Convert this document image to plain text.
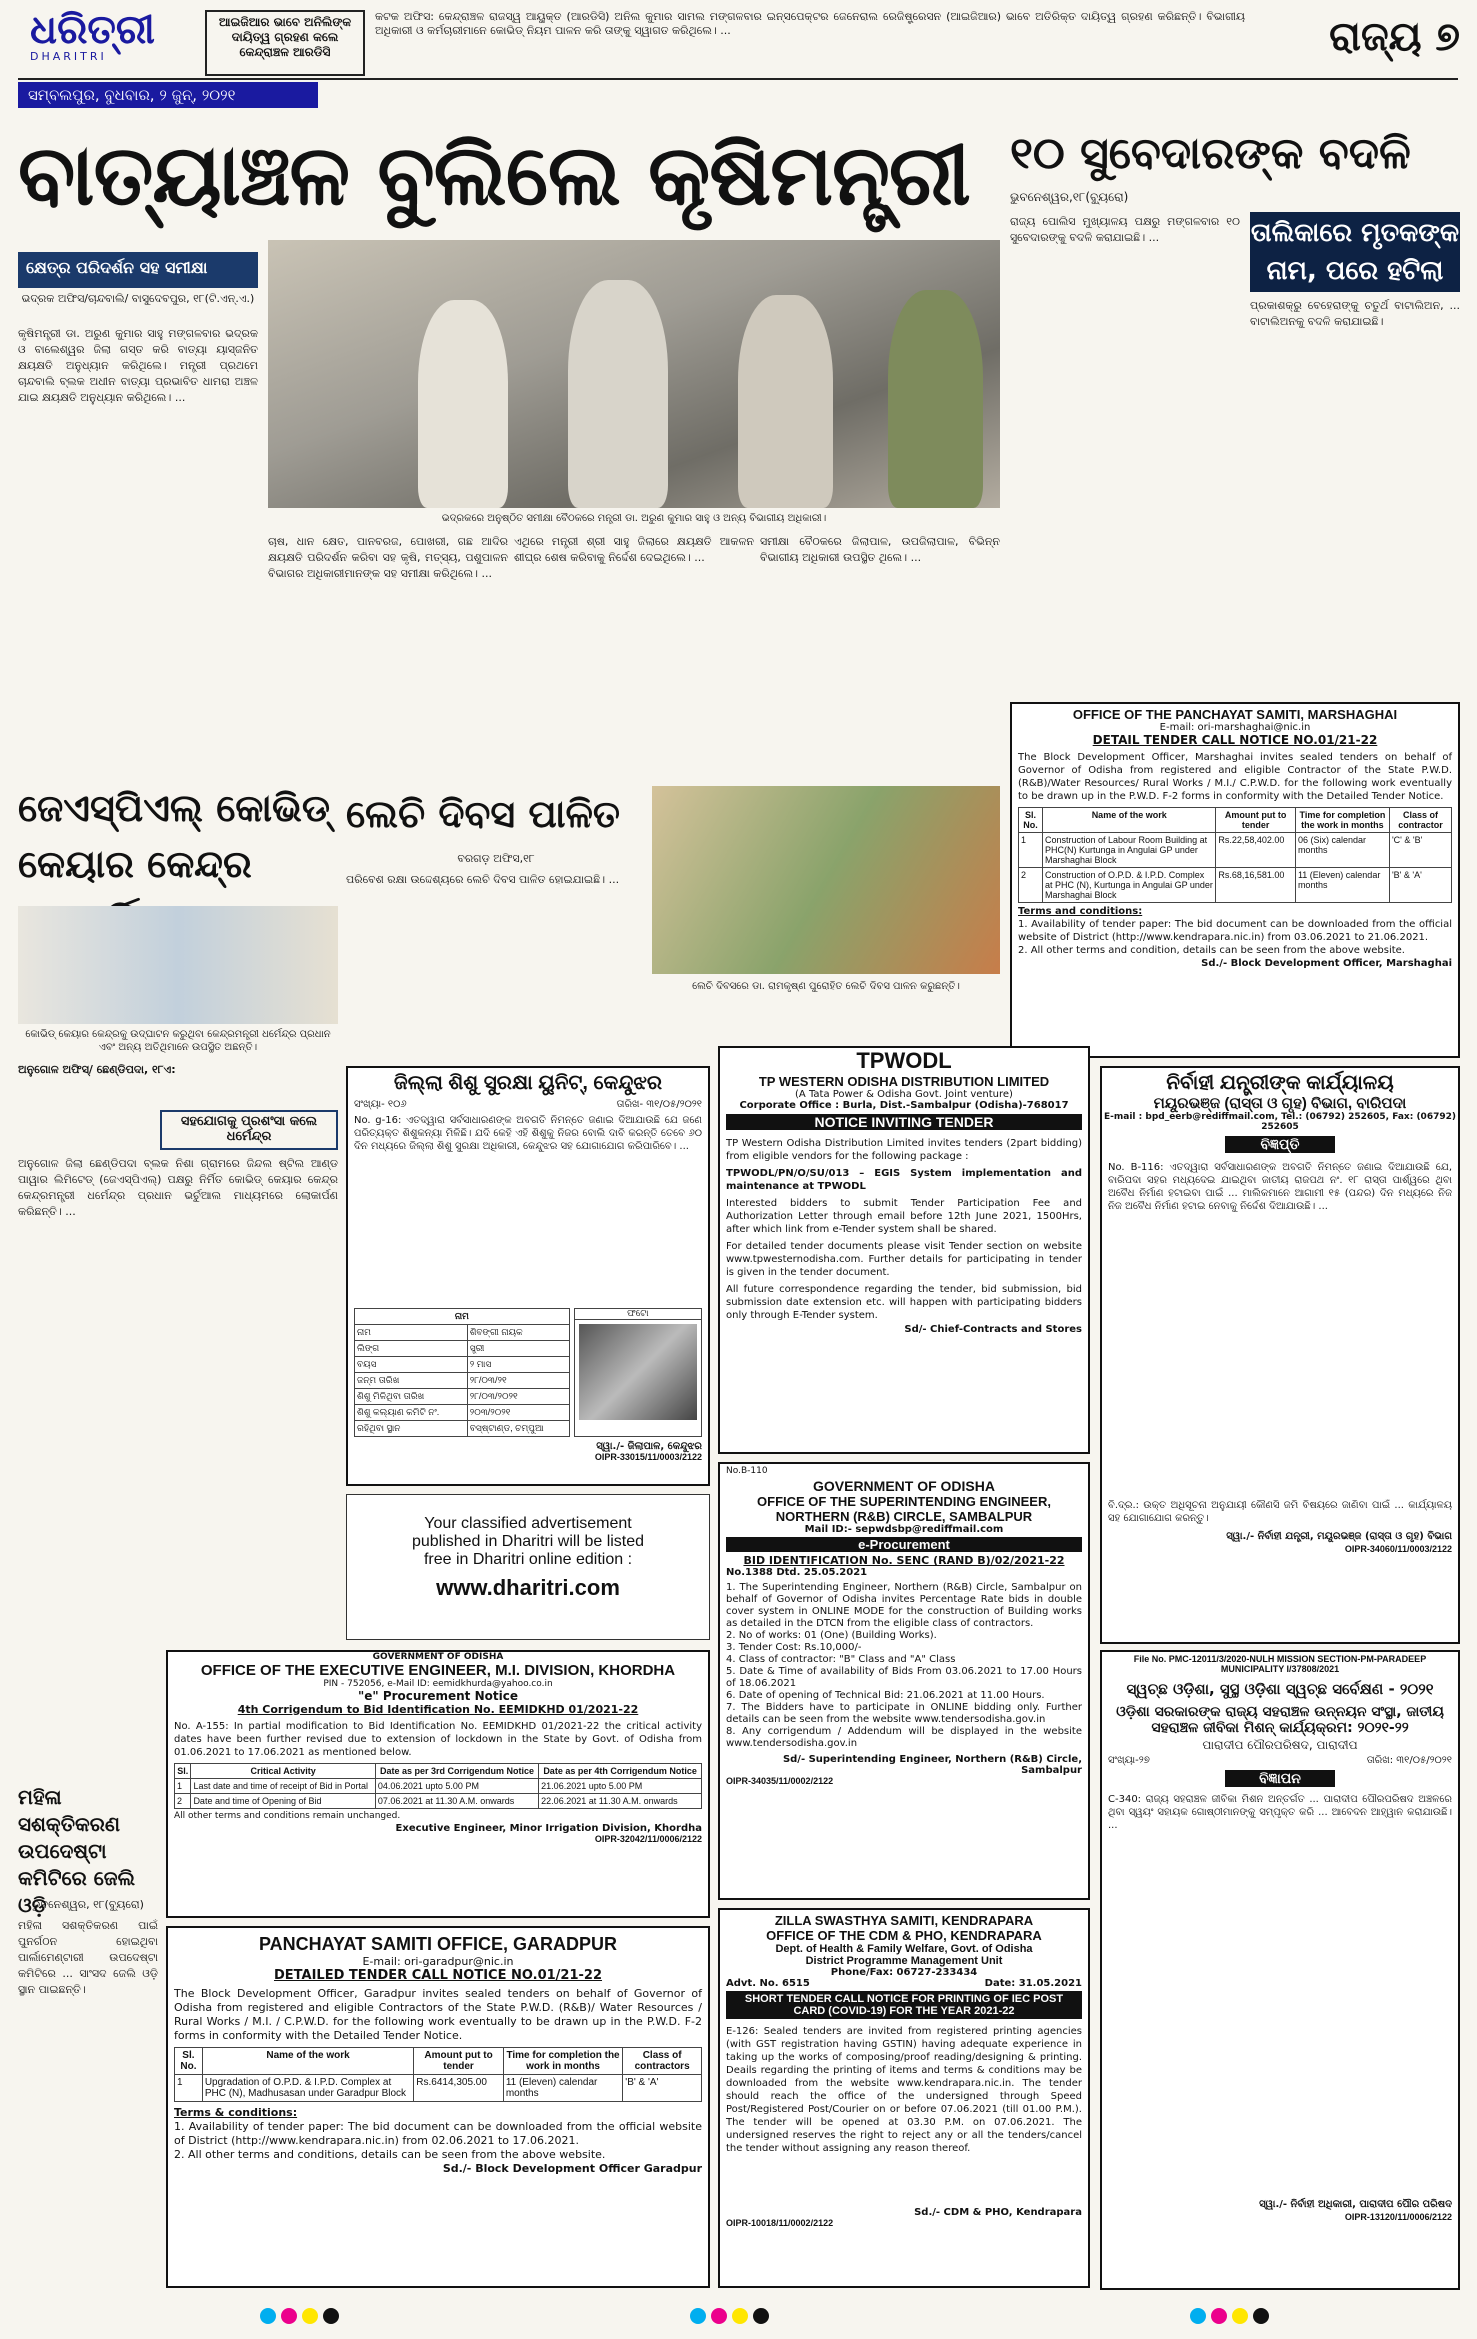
ଧରିତ୍ରୀ
DHARITRI
ଆଇଜିଆର ଭାବେ ଅନିଲିଙ୍କ ଦାୟିତ୍ୱ ଗ୍ରହଣ କଲେ କେନ୍ଦ୍ରାଞ୍ଚଳ ଆରଡିସି
କଟକ ଅଫିସ: କେନ୍ଦ୍ରାଞ୍ଚଳ ରାଜସ୍ୱ ଆୟୁକ୍ତ (ଆରଡିସି) ଅନିଲ କୁମାର ସାମଲ ମଙ୍ଗଳବାର ଇନ୍‌ସପେକ୍ଟର ଜେନେରାଲ ରେଜିଷ୍ଟ୍ରେସନ (ଆଇଜିଆର) ଭାବେ ଅତିରିକ୍ତ ଦାୟିତ୍ୱ ଗ୍ରହଣ କରିଛନ୍ତି। ବିଭାଗୀୟ ଅଧିକାରୀ ଓ କର୍ମଚାରୀମାନେ କୋଭିଡ୍ ନିୟମ ପାଳନ କରି ତାଙ୍କୁ ସ୍ୱାଗତ କରିଥିଲେ। ...	ରାଜ୍ୟ ୭
ସମ୍ବଲପୁର, ବୁଧବାର, ୨ ଜୁନ୍, ୨୦୨୧
ବାତ୍ୟାଞ୍ଚଳ ବୁଲିଲେ କୃଷିମନ୍ତ୍ରୀ
କ୍ଷେତ୍ର ପରିଦର୍ଶନ ସହ ସମୀକ୍ଷା
ଭଦ୍ରକ ଅଫିସ/ଚାନ୍ଦବାଲି/ ବାସୁଦେବପୁର, ୧୮(ଟି.ଏନ୍.ଏ.)
କୃଷିମନ୍ତ୍ରୀ ଡା. ଅରୁଣ କୁମାର ସାହୁ ମଙ୍ଗଳବାର ଭଦ୍ରକ ଓ ବାଲେଶ୍ୱର ଜିଲା ଗସ୍ତ କରି ବାତ୍ୟା ୟାସ୍‌ଜନିତ କ୍ଷୟକ୍ଷତି ଅନୁଧ୍ୟାନ କରିଥିଲେ। ମନ୍ତ୍ରୀ ପ୍ରଥମେ ଚାନ୍ଦବାଲି ବ୍ଲକ ଅଧୀନ ବାତ୍ୟା ପ୍ରଭାବିତ ଧାମରା ଅଞ୍ଚଳ ଯାଇ କ୍ଷୟକ୍ଷତି ଅନୁଧ୍ୟାନ କରିଥିଲେ। ...
ଭଦ୍ରକରେ ଅନୁଷ୍ଠିତ ସମୀକ୍ଷା ବୈଠକରେ ମନ୍ତ୍ରୀ ଡା. ଅରୁଣ କୁମାର ସାହୁ ଓ ଅନ୍ୟ ବିଭାଗୀୟ ଅଧିକାରୀ।
ଚାଷ, ଧାନ କ୍ଷେତ, ପାନବରଜ, ପୋଖରୀ, ଗଛ ଆଦିର କ୍ଷୟକ୍ଷତି ପରିଦର୍ଶନ କରିବା ସହ କୃଷି, ମତ୍ସ୍ୟ, ପଶୁପାଳନ ବିଭାଗର ଅଧିକାରୀମାନଙ୍କ ସହ ସମୀକ୍ଷା କରିଥିଲେ। ...
ଏଥିରେ ମନ୍ତ୍ରୀ ଶ୍ରୀ ସାହୁ ଜିଲାରେ କ୍ଷୟକ୍ଷତି ଆକଳନ ଶୀଘ୍ର ଶେଷ କରିବାକୁ ନିର୍ଦ୍ଦେଶ ଦେଇଥିଲେ। ...
ସମୀକ୍ଷା ବୈଠକରେ ଜିଲାପାଳ, ଉପଜିଲାପାଳ, ବିଭିନ୍ନ ବିଭାଗୀୟ ଅଧିକାରୀ ଉପସ୍ଥିତ ଥିଲେ। ...
୧୦ ସୁବେଦାରଙ୍କ ବଦଳି
ଭୁବନେଶ୍ୱର,୧୮(ବ୍ୟୁରୋ)
ତାଲିକାରେ ମୃତକଙ୍କ ନାମ, ପରେ ହଟିଲା
ରାଜ୍ୟ ପୋଲିସ ମୁଖ୍ୟାଳୟ ପକ୍ଷରୁ ମଙ୍ଗଳବାର ୧୦ ସୁବେଦାରଙ୍କୁ ବଦଳି କରାଯାଇଛି। ...
ପ୍ରକାଶକ୍ରୁ ବେହେରାଙ୍କୁ ଚତୁର୍ଥ ବାଟାଲିଅନ, ... ବାଟାଲିଅନକୁ ବଦଳି କରାଯାଇଛି।
OFFICE OF THE PANCHAYAT SAMITI, MARSHAGHAI
E-mail: ori-marshaghai@nic.in
DETAIL TENDER CALL NOTICE NO.01/21-22
The Block Development Officer, Marshaghai invites sealed tenders on behalf of Governor of Odisha from registered and eligible Contractor of the State P.W.D. (R&B)/Water Resources/ Rural Works / M.I./ C.P.W.D. for the following work eventually to be drawn up in the P.W.D. F-2 forms in conformity with the Detailed Tender Notice.
Sl. No.	Name of the work	Amount put to tender	Time for completion the work in months	Class of contractor
1	Construction of Labour Room Building at PHC(N) Kurtunga in Angulai GP under Marshaghai Block	Rs.22,58,402.00	06 (Six) calendar months	'C' & 'B'
2	Construction of O.P.D. & I.P.D. Complex at PHC (N), Kurtunga in Angulai GP under Marshaghai Block	Rs.68,16,581.00	11 (Eleven) calendar months	'B' & 'A'
Terms and conditions:
1. Availability of tender paper: The bid document can be downloaded from the official website of District (http://www.kendrapara.nic.in) from 03.06.2021 to 21.06.2021.
2. All other terms and condition, details can be seen from the above website.
Sd./- Block Development Officer, Marshaghai
ଜେଏସ୍‌ପିଏଲ୍ କୋଭିଡ୍ କେୟାର କେନ୍ଦ୍ର
କୋଭିଡ୍ କେୟାର କେନ୍ଦ୍ରକୁ ଉଦ୍‌ଘାଟନ କରୁଥିବା କେନ୍ଦ୍ରମନ୍ତ୍ରୀ ଧର୍ମେନ୍ଦ୍ର ପ୍ରଧାନ ଏବଂ ଅନ୍ୟ ଅତିଥିମାନେ ଉପସ୍ଥିତ ଅଛନ୍ତି।
ଅନୁଗୋଳ ଅଫିସ୍/ ଛେଣ୍ଡିପଦା, ୧୮ଏ:
ସହଯୋଗକୁ ପ୍ରଶଂସା କଲେ ଧର୍ମେନ୍ଦ୍ର
ଅନୁଗୋଳ ଜିଲା ଛେଣ୍ଡିପଦା ବ୍ଲକ ନିଶା ଗ୍ରାମରେ ଜିନ୍ଦଲ ଷ୍ଟିଲ ଆଣ୍ଡ ପାୱାର ଲିମିଟେଡ୍ (ଜେଏସ୍‌ପିଏଲ୍) ପକ୍ଷରୁ ନିର୍ମିତ କୋଭିଡ୍ କେୟାର କେନ୍ଦ୍ର କେନ୍ଦ୍ରମନ୍ତ୍ରୀ ଧର୍ମେନ୍ଦ୍ର ପ୍ରଧାନ ଭର୍ଚୁଆଲ ମାଧ୍ୟମରେ ଲୋକାର୍ପଣ କରିଛନ୍ତି। ...
ଲେଚି ଦିବସ ପାଳିତ
ବରଗଡ଼ ଅଫିସ,୧୮
ପରିବେଶ ରକ୍ଷା ଉଦ୍ଦେଶ୍ୟରେ ଲେଚି ଦିବସ ପାଳିତ ହୋଇଯାଇଛି। ...
ଲେଚି ଦିବସରେ ଡା. ରାମକୃଷ୍ଣ ପୁରୋହିତ ଲେଚି ଦିବସ ପାଳନ କରୁଛନ୍ତି।
ଜିଲ୍ଲା ଶିଶୁ ସୁରକ୍ଷା ୟୁନିଟ୍, କେନ୍ଦୁଝର
ସଂଖ୍ୟା- ୧୦୬	ତାରିଖ- ୩୧/୦୫/୨୦୨୧
No. g-16: ଏତଦ୍ୱାରା ସର୍ବସାଧାରଣଙ୍କ ଅବଗତି ନିମନ୍ତେ ଜଣାଇ ଦିଆଯାଉଛି ଯେ ଜଣେ ପରିତ୍ୟକ୍ତ ଶିଶୁକନ୍ୟା ମିଳିଛି। ଯଦି କେହି ଏହି ଶିଶୁକୁ ନିଜର ବୋଲି ଦାବି କରନ୍ତି ତେବେ ୬୦ ଦିନ ମଧ୍ୟରେ ଜିଲ୍ଲା ଶିଶୁ ସୁରକ୍ଷା ଅଧିକାରୀ, କେନ୍ଦୁଝର ସହ ଯୋଗାଯୋଗ କରିପାରିବେ। ...
ନାମ	
ନାମ	ଶିବଙ୍ଗୀ ନାୟକ
ଲିଙ୍ଗ	ସ୍ତ୍ରୀ
ବୟସ	୨ ମାସ
ଜନ୍ମ ତାରିଖ	୨୮/୦୩/୨୧
ଶିଶୁ ମିଳିଥିବା ତାରିଖ	୨୮/୦୩/୨୦୨୧
ଶିଶୁ କଲ୍ୟାଣ କମିଟି ନଂ.	୨୦୩/୨୦୨୧
ରହିଥିବା ସ୍ଥାନ	ବସ୍‌ଷ୍ଟାଣ୍ଡ, ଚମ୍ପୁଆ
ଫଟୋ
ସ୍ୱା./- ଜିଲାପାଳ, କେନ୍ଦୁଝର
OIPR-33015/11/0003/2122
Your classified advertisement
published in Dharitri will be listed
free in Dharitri online edition :
www.dharitri.com
TPWODL
TP WESTERN ODISHA DISTRIBUTION LIMITED
(A Tata Power & Odisha Govt. Joint venture)
Corporate Office : Burla, Dist.-Sambalpur (Odisha)-768017
NOTICE INVITING TENDER
TP Western Odisha Distribution Limited invites tenders (2part bidding) from eligible vendors for the following package :
TPWODL/PN/O/SU/013 – EGIS System implementation and maintenance at TPWODL
Interested bidders to submit Tender Participation Fee and Authorization Letter through email before 12th June 2021, 1500Hrs, after which link from e-Tender system shall be shared.
For detailed tender documents please visit Tender section on website www.tpwesternodisha.com. Further details for participating in tender is given in the tender document.
All future correspondence regarding the tender, bid submission, bid submission date extension etc. will happen with participating bidders only through E-Tender system.
Sd/- Chief-Contracts and Stores
No.B-110
GOVERNMENT OF ODISHA
OFFICE OF THE SUPERINTENDING ENGINEER, NORTHERN (R&B) CIRCLE, SAMBALPUR
Mail ID:- sepwdsbp@rediffmail.com
e-Procurement
BID IDENTIFICATION No. SENC (RAND B)/02/2021-22
No.1388 Dtd. 25.05.2021
1. The Superintending Engineer, Northern (R&B) Circle, Sambalpur on behalf of Governor of Odisha invites Percentage Rate bids in double cover system in ONLINE MODE for the construction of Building works as detailed in the DTCN from the eligible class of contractors.
2. No of works: 01 (One) (Building Works).
3. Tender Cost: Rs.10,000/-
4. Class of contractor: "B" Class and "A" Class
5. Date & Time of availability of Bids From 03.06.2021 to 17.00 Hours of 18.06.2021
6. Date of opening of Technical Bid: 21.06.2021 at 11.00 Hours.
7. The Bidders have to participate in ONLINE bidding only. Further details can be seen from the website www.tendersodisha.gov.in
8. Any corrigendum / Addendum will be displayed in the website www.tendersodisha.gov.in
Sd/- Superintending Engineer, Northern (R&B) Circle, Sambalpur
OIPR-34035/11/0002/2122
ନିର୍ବାହୀ ଯନ୍ତ୍ରୀଙ୍କ କାର୍ଯ୍ୟାଳୟ
ମୟୂରଭଞ୍ଜ (ରାସ୍ତା ଓ ଗୃହ) ବିଭାଗ, ବାରିପଦା
E-mail : bpd_eerb@rediffmail.com, Tel.: (06792) 252605, Fax: (06792) 252605
ବିଜ୍ଞପ୍ତି
No. B-116: ଏତଦ୍ୱାରା ସର୍ବସାଧାରଣଙ୍କ ଅବଗତି ନିମନ୍ତେ ଜଣାଇ ଦିଆଯାଉଛି ଯେ, ବାରିପଦା ସହର ମଧ୍ୟଦେଇ ଯାଇଥିବା ଜାତୀୟ ରାଜପଥ ନଂ. ୧୮ ରାସ୍ତା ପାର୍ଶ୍ୱରେ ଥିବା ଅବୈଧ ନିର୍ମାଣ ହଟାଇବା ପାଇଁ ... ମାଲିକମାନେ ଆଗାମୀ ୧୫ (ପନ୍ଦର) ଦିନ ମଧ୍ୟରେ ନିଜ ନିଜ ଅବୈଧ ନିର୍ମାଣ ହଟାଇ ନେବାକୁ ନିର୍ଦ୍ଦେଶ ଦିଆଯାଉଛି। ...
ବି.ଦ୍ର.: ଉକ୍ତ ଅଧିସୂଚନା ଅନୁଯାୟୀ କୌଣସି ଜମି ବିଷୟରେ ଜାଣିବା ପାଇଁ ... କାର୍ଯ୍ୟାଳୟ ସହ ଯୋଗାଯୋଗ କରନ୍ତୁ।
ସ୍ୱା./- ନିର୍ବାହୀ ଯନ୍ତ୍ରୀ, ମୟୂରଭଞ୍ଜ (ରାସ୍ତା ଓ ଗୃହ) ବିଭାଗ
OIPR-34060/11/0003/2122
File No. PMC-12011/3/2020-NULH MISSION SECTION-PM-PARADEEP MUNICIPALITY I/37808/2021
ସ୍ୱଚ୍ଛ ଓଡ଼ିଶା, ସୁସ୍ଥ ଓଡ଼ିଶା ସ୍ୱଚ୍ଛ ସର୍ବେକ୍ଷଣ - ୨୦୨୧
ଓଡ଼ିଶା ସରକାରଙ୍କ ରାଜ୍ୟ ସହରାଞ୍ଚଳ ଉନ୍ନୟନ ସଂସ୍ଥା, ଜାତୀୟ ସହରାଞ୍ଚଳ ଜୀବିକା ମିଶନ୍ କାର୍ଯ୍ୟକ୍ରମ: ୨୦୨୧-୨୨
ପାରାଦୀପ ପୌରପରିଷଦ, ପାରାଦୀପ
ସଂଖ୍ୟା-୨୭	ତାରିଖ: ୩୧/୦୫/୨୦୨୧
ବିଜ୍ଞାପନ
C-340: ରାଜ୍ୟ ସହରାଞ୍ଚଳ ଜୀବିକା ମିଶନ ଅନ୍ତର୍ଗତ ... ପାରାଦୀପ ପୌରପରିଷଦ ଅଞ୍ଚଳରେ ଥିବା ସ୍ୱୟଂ ସହାୟକ ଗୋଷ୍ଠୀମାନଙ୍କୁ ସମ୍ପୃକ୍ତ କରି ... ଆବେଦନ ଆହ୍ୱାନ କରାଯାଉଛି। ...
ସ୍ୱା./- ନିର୍ବାହୀ ଅଧିକାରୀ, ପାରାଦୀପ ପୌର ପରିଷଦ
OIPR-13120/11/0006/2122
ମହିଳା ସଶକ୍ତିକରଣ ଉପଦେଷ୍ଟା କମିଟିରେ ଜେଲି ଓଡ଼ି
ଭୁବନେଶ୍ୱର, ୧୮(ବ୍ୟୁରୋ)
ମହିଳା ସଶକ୍ତିକରଣ ପାଇଁ ପୁନର୍ଗଠନ ହୋଇଥିବା ପାର୍ଲାମେଣ୍ଟାରୀ ଉପଦେଷ୍ଟା କମିଟିରେ ... ସାଂସଦ ଜେଲି ଓଡ଼ି ସ୍ଥାନ ପାଇଛନ୍ତି।
GOVERNMENT OF ODISHA
OFFICE OF THE EXECUTIVE ENGINEER, M.I. DIVISION, KHORDHA
PIN - 752056, e-Mail ID: eemidkhurda@yahoo.co.in
"e" Procurement Notice
4th Corrigendum to Bid Identification No. EEMIDKHD 01/2021-22
No. A-155: In partial modification to Bid Identification No. EEMIDKHD 01/2021-22 the critical activity dates have been further revised due to extension of lockdown in the State by Govt. of Odisha from 01.06.2021 to 17.06.2021 as mentioned below.
Sl.	Critical Activity	Date as per 3rd Corrigendum Notice	Date as per 4th Corrigendum Notice
1	Last date and time of receipt of Bid in Portal	04.06.2021 upto 5.00 PM	21.06.2021 upto 5.00 PM
2	Date and time of Opening of Bid	07.06.2021 at 11.30 A.M. onwards	22.06.2021 at 11.30 A.M. onwards
All other terms and conditions remain unchanged.
Executive Engineer, Minor Irrigation Division, Khordha
OIPR-32042/11/0006/2122
PANCHAYAT SAMITI OFFICE, GARADPUR
E-mail: ori-garadpur@nic.in
DETAILED TENDER CALL NOTICE NO.01/21-22
The Block Development Officer, Garadpur invites sealed tenders on behalf of Governor of Odisha from registered and eligible Contractors of the State P.W.D. (R&B)/ Water Resources / Rural Works / M.I. / C.P.W.D. for the following work eventually to be drawn up in the P.W.D. F-2 forms in conformity with the Detailed Tender Notice.
Sl. No.	Name of the work	Amount put to tender	Time for completion the work in months	Class of contractors
1	Upgradation of O.P.D. & I.P.D. Complex at PHC (N), Madhusasan under Garadpur Block	Rs.6414,305.00	11 (Eleven) calendar months	'B' & 'A'
Terms & conditions:
1. Availability of tender paper: The bid document can be downloaded from the official website of District (http://www.kendrapara.nic.in) from 02.06.2021 to 17.06.2021.
2. All other terms and conditions, details can be seen from the above website.
Sd./- Block Development Officer Garadpur
ZILLA SWASTHYA SAMITI, KENDRAPARA
OFFICE OF THE CDM & PHO, KENDRAPARA
Dept. of Health & Family Welfare, Govt. of Odisha
District Programme Management Unit
Phone/Fax: 06727-233434
Advt. No. 6515	Date: 31.05.2021
SHORT TENDER CALL NOTICE FOR PRINTING OF IEC POST CARD (COVID-19) FOR THE YEAR 2021-22
E-126: Sealed tenders are invited from registered printing agencies (with GST registration having GSTIN) having adequate experience in taking up the works of composing/proof reading/designing & printing. Deails regarding the printing of items and terms & conditions may be downloaded from the website www.kendrapara.nic.in. The tender should reach the office of the undersigned through Speed Post/Registered Post/Courier on or before 07.06.2021 (till 01.00 P.M.). The tender will be opened at 03.30 P.M. on 07.06.2021. The undersigned reserves the right to reject any or all the tenders/cancel the tender without assigning any reason thereof.
Sd./- CDM & PHO, Kendrapara
OIPR-10018/11/0002/2122
